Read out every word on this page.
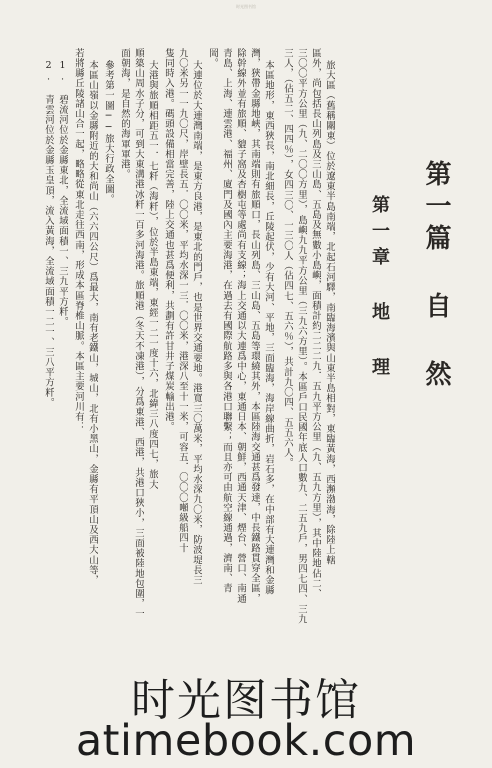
时光图书馆
第一篇 自 然
第一章 地 理
旅大區（舊稱關東）位於遼東半島南端，北起石河驛，南臨海濱與山東半島相對，東臨黃海，西瀕渤海，除陸上轄
區外，尚包括長山列島及三山島、五島及無數小島嶼，面積計約二二二九．五九平方公里（九、五九方里），其中陸地佔二、
三〇〇平方公里（九、二〇〇方里），島嶼九九平方公里（三九六方里）。本區戶口民國年底人口數九、二五九戶，男四七四、三九
三人，（佔五二、四四％），女四三〇、一三〇人（佔四七、五六％），共計九〇四、五五六人。
本區地形，東西狹長，南北細長，丘陵起伏，少有大河、平地，三面臨海，海岸線曲折，岩石多，在中部有大連灣和金縣
灣，狹帶金縣地峽，其南端則有旅順口，長山列島、三山島、五島等環繞其外，本區陸海交通甚爲發達，中長鐵路貫穿全區，
除幹線外並有旅順、貔子窩及杏樹屯等處尚有支線；海上交通以大連爲中心，東通日本、朝鮮，西通天津、煙台、營口、南通
青島、上海、連雲港、福州、廈門及國內主要海港，在過去有國際航路多與各港口聯繫；而且亦可由航空線通過，濟南、青
岡。
大連位於大連灣南端，是東方良港，是東北的門戶，也是世界交通要地。港寬三〇萬米，平均水深九〇米，防波堤長三
九〇米另一一九〇尺，岸壁長五．〇〇米，平均水深一三．〇〇米，港深八至十一米，可容五．〇〇〇噸級船四十
隻同時入港。碼頭設備相當完善，陸上交通也甚爲便利，共劃有許甘井子煤炭輸出港。
大港與旅順相距五一．七粁（海粁），位於半島東端，東經一二一度十六，北緯三八度四七，旅大
順築山周水子分，可到大東溝港冰粁一百多河海港。旅順港（冬天不凍港），分爲東港、西港，共港口狹小，三面被陸地包圍，一
面朝海，是自然的海軍軍港。
參考第一圖──旅大行政全圖。
本區山嶺以金縣附近的大和尚山（六六四公尺）爲最大，南有老鐵山，城山，北有小黑山，金縣有平頂山及西大山等，
若將縣丘陵諸山合一起，略略從東北走往西南，形成本區脊椎山脈。本區主要河川有：
1. 碧流河位於金縣東北，全流域面積一、三九平方粁。
2. 青雲河位於金縣玉皇頂，流入黃海，全流域面積一二一、三八平方粁。
时光图书馆
atimebook.com
